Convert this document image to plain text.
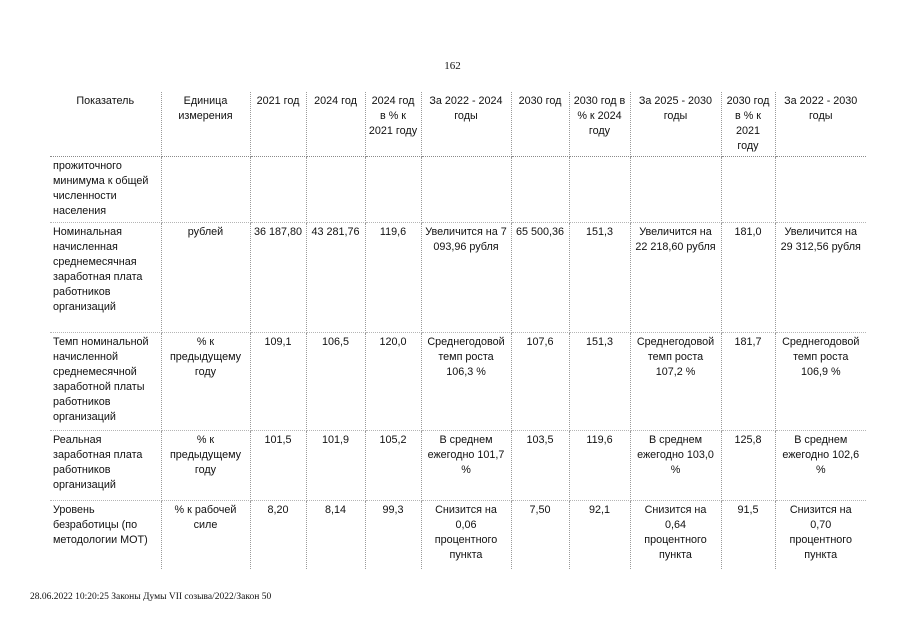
162
Показатель	Единица измерения	2021 год	2024 год	2024 год в % к 2021 году	За 2022 - 2024 годы	2030 год	2030 год в % к 2024 году	За 2025 - 2030 годы	2030 год в % к 2021 году	За 2022 - 2030 годы
прожиточного минимума к общей численности населения										
Номинальная начисленная среднемесячная заработная плата работников организаций	рублей	36 187,80	43 281,76	119,6	Увеличится на 7 093,96 рубля	65 500,36	151,3	Увеличится на 22 218,60 рубля	181,0	Увеличится на 29 312,56 рубля
Темп номинальной начисленной среднемесячной заработной платы работников организаций	% к предыдущему году	109,1	106,5	120,0	Среднегодовой темп роста 106,3 %	107,6	151,3	Среднегодовой темп роста 107,2 %	181,7	Среднегодовой темп роста 106,9 %
Реальная заработная плата работников организаций	% к предыдущему году	101,5	101,9	105,2	В среднем ежегодно 101,7 %	103,5	119,6	В среднем ежегодно 103,0 %	125,8	В среднем ежегодно 102,6 %
Уровень безработицы (по методологии МОТ)	% к рабочей силе	8,20	8,14	99,3	Снизится на 0,06 процентного пункта	7,50	92,1	Снизится на 0,64 процентного пункта	91,5	Снизится на 0,70 процентного пункта
28.06.2022 10:20:25 Законы Думы VII созыва/2022/Закон 50
